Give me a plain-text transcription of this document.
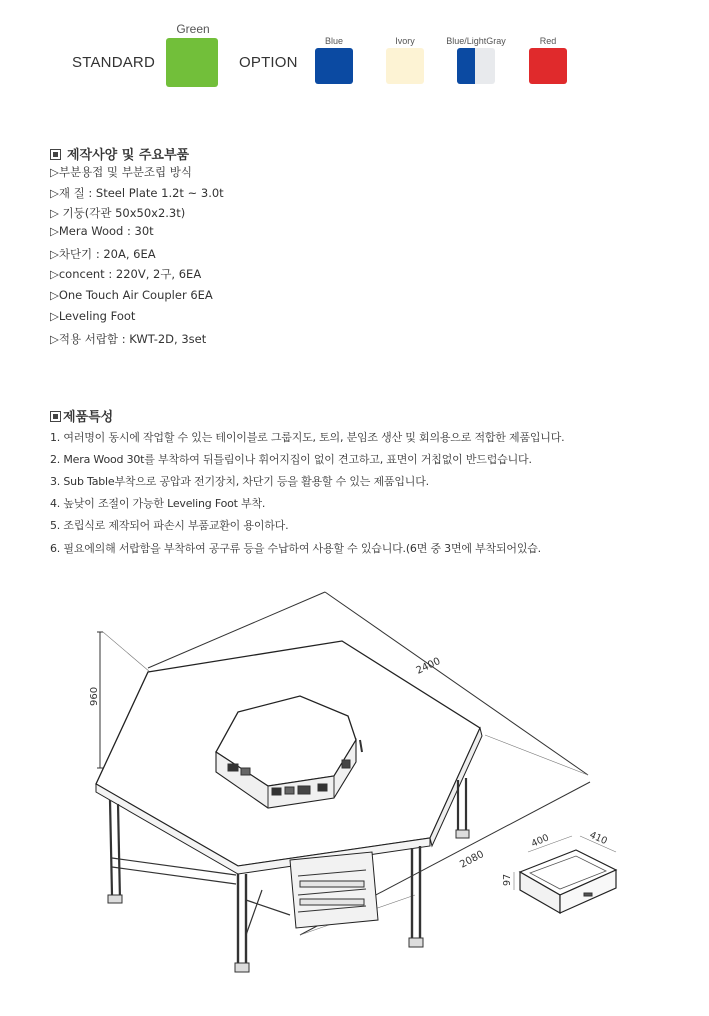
STANDARD
Green
OPTION
Blue	Ivory	Blue/LightGray	Red
제작사양 및 주요부품
▷부분용접 및 부분조립 방식
▷재 질 : Steel Plate 1.2t ~ 3.0t
▷ 기둥(각관 50x50x2.3t)
▷Mera Wood : 30t
▷차단기 : 20A, 6EA
▷concent : 220V, 2구, 6EA
▷One Touch Air Coupler 6EA
▷Leveling Foot
▷적용 서랍함 : KWT-2D, 3set
제품특성
1. 여러명이 동시에 작업할 수 있는 테이이블로 그룹지도, 토의, 분임조 생산 및 회의용으로 적합한 제품입니다.
2. Mera Wood 30t를 부착하여 뒤틀림이나 휘어지집이 없이 견고하고, 표면이 거칩없이 반드럽습니다.
3. Sub Table부착으로 공압과 전기장치, 차단기 등을 활용할 수 있는 제품입니다.
4. 높낮이 조절이 가능한 Leveling Foot 부착.
5. 조립식로 제작되어 파손시 부품교환이 용이하다.
6. 필요에의해 서랍함을 부착하여 공구류 등을 수납하여 사용할 수 있습니다.(6면 중 3면에 부착되어있습.
960
2400
2080
400	410
97
